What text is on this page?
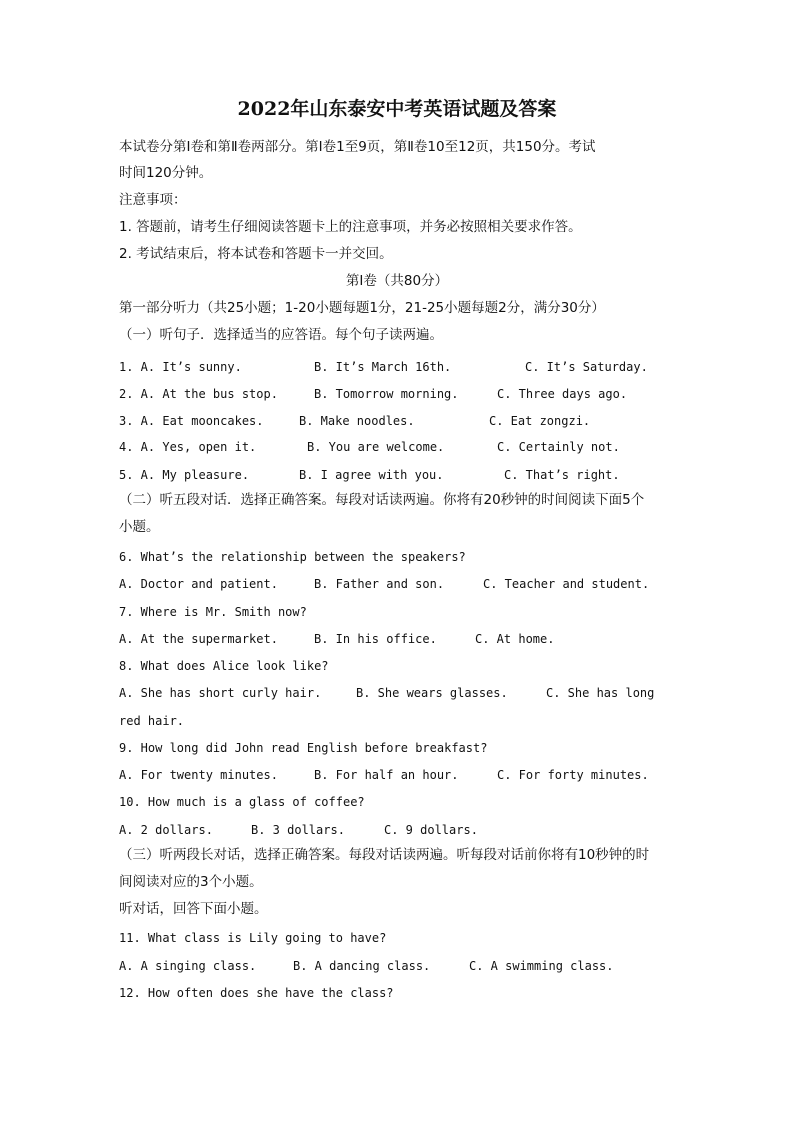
2022年山东泰安中考英语试题及答案
本试卷分第Ⅰ卷和第Ⅱ卷两部分。第Ⅰ卷1至9页，第Ⅱ卷10至12页，共150分。考试
时间120分钟。
注意事项：
1. 答题前，请考生仔细阅读答题卡上的注意事项，并务必按照相关要求作答。
2. 考试结束后，将本试卷和答题卡一并交回。
第Ⅰ卷（共80分）
第一部分听力（共25小题；1-20小题每题1分，21-25小题每题2分，满分30分）
（一）听句子．选择适当的应答语。每个句子读两遍。
1. A. It’s sunny.	B. It’s March 16th.	C. It’s Saturday.
2. A. At the bus stop.	B. Tomorrow morning.	C. Three days ago.
3. A. Eat mooncakes.	B. Make noodles.	C. Eat zongzi.
4. A. Yes, open it.	B. You are welcome.	C. Certainly not.
5. A. My pleasure.	B. I agree with you.	C. That’s right.
（二）听五段对话．选择正确答案。每段对话读两遍。你将有20秒钟的时间阅读下面5个
小题。
6. What’s the relationship between the speakers?
A. Doctor and patient.	B. Father and son.	C. Teacher and student.
7. Where is Mr. Smith now?
A. At the supermarket.	B. In his office.	C. At home.
8. What does Alice look like?
A. She has short curly hair.	B. She wears glasses.	C. She has long
red hair.
9. How long did John read English before breakfast?
A. For twenty minutes.	B. For half an hour.	C. For forty minutes.
10. How much is a glass of coffee?
A. 2 dollars.	B. 3 dollars.	C. 9 dollars.
（三）听两段长对话，选择正确答案。每段对话读两遍。听每段对话前你将有10秒钟的时
间阅读对应的3个小题。
听对话，回答下面小题。
11. What class is Lily going to have?
A. A singing class.	B. A dancing class.	C. A swimming class.
12. How often does she have the class?
